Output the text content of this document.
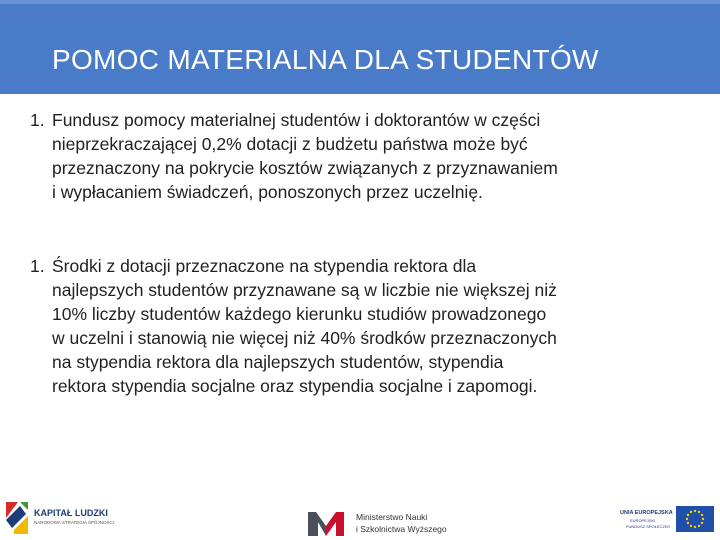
POMOC MATERIALNA DLA STUDENTÓW
1. Fundusz pomocy materialnej studentów i doktorantów w części
nieprzekraczającej 0,2% dotacji z budżetu państwa może być
przeznaczony na pokrycie kosztów związanych z przyznawaniem
i wypłacaniem świadczeń, ponoszonych przez uczelnię.
1. Środki z dotacji przeznaczone na stypendia rektora dla
najlepszych studentów przyznawane są w liczbie nie większej niż
10% liczby studentów każdego kierunku studiów prowadzonego
w uczelni i stanowią nie więcej niż 40% środków przeznaczonych
na stypendia rektora dla najlepszych studentów, stypendia
rektora stypendia socjalne oraz stypendia socjalne i zapomogi.
KAPITAŁ LUDZKI
NARODOWA STRATEGIA SPÓJNOŚCI
Ministerstwo Nauki
i Szkolnictwa Wyższego
UNIA EUROPEJSKA
EUROPEJSKI
FUNDUSZ SPOŁECZNY
